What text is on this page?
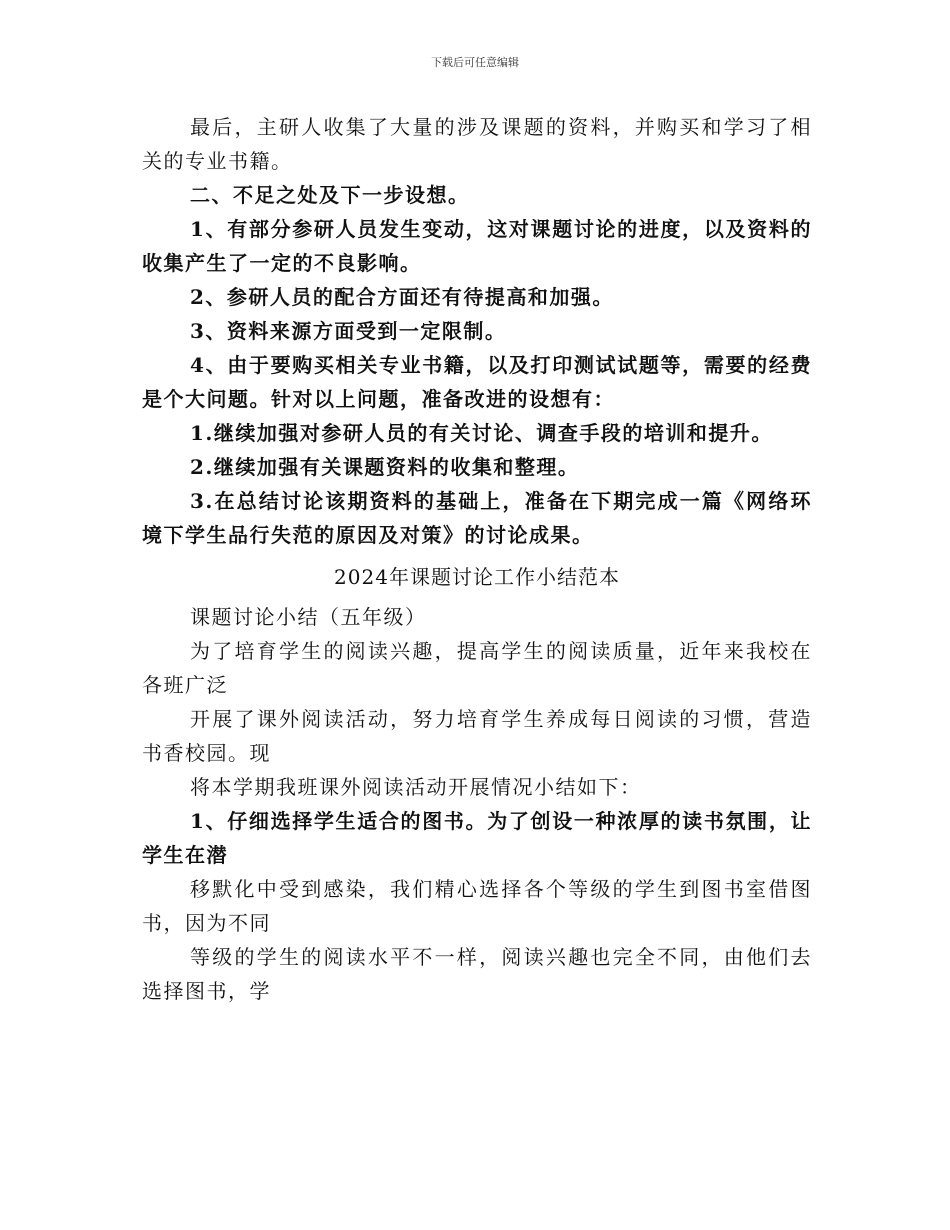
下载后可任意编辑

最后，主研人收集了大量的涉及课题的资料，并购买和学习了相关的专业书籍。

二、不足之处及下一步设想。

1、有部分参研人员发生变动，这对课题讨论的进度，以及资料的收集产生了一定的不良影响。

2、参研人员的配合方面还有待提高和加强。

3、资料来源方面受到一定限制。

4、由于要购买相关专业书籍，以及打印测试试题等，需要的经费是个大问题。针对以上问题，准备改进的设想有：

1.继续加强对参研人员的有关讨论、调查手段的培训和提升。

2.继续加强有关课题资料的收集和整理。

3.在总结讨论该期资料的基础上，准备在下期完成一篇《网络环境下学生品行失范的原因及对策》的讨论成果。

2024年课题讨论工作小结范本

课题讨论小结（五年级）

为了培育学生的阅读兴趣，提高学生的阅读质量，近年来我校在各班广泛

开展了课外阅读活动，努力培育学生养成每日阅读的习惯，营造书香校园。现

将本学期我班课外阅读活动开展情况小结如下：

1、仔细选择学生适合的图书。为了创设一种浓厚的读书氛围，让学生在潜

移默化中受到感染，我们精心选择各个等级的学生到图书室借图书，因为不同

等级的学生的阅读水平不一样，阅读兴趣也完全不同，由他们去选择图书，学
